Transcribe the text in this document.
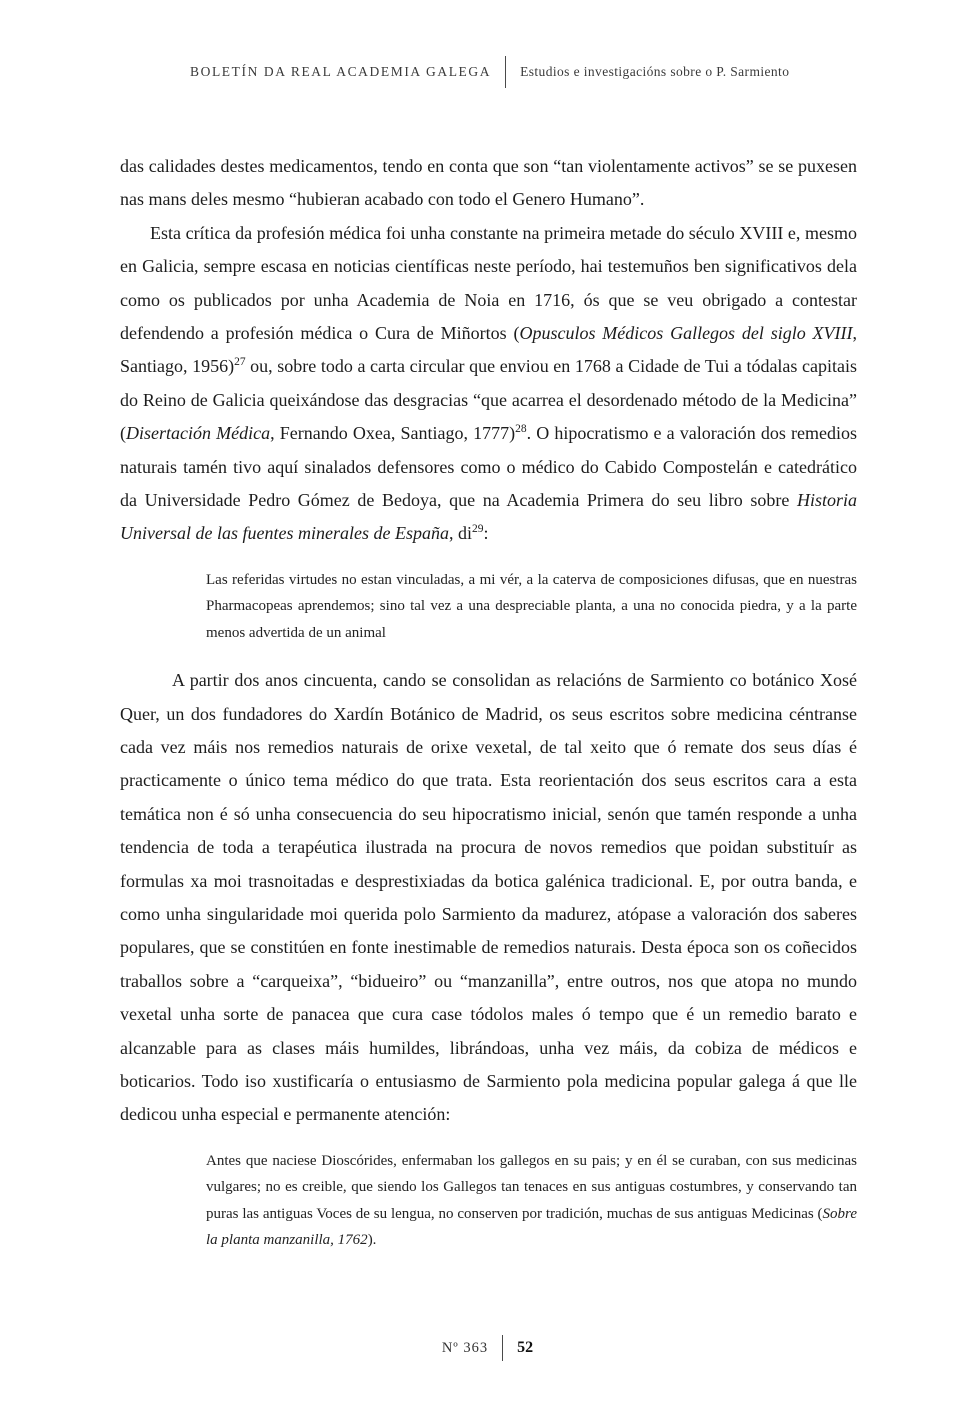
BOLETÍN DA REAL ACADEMIA GALEGA Estudios e investigacións sobre o P. Sarmiento

das calidades destes medicamentos, tendo en conta que son “tan violentamente activos” se se puxesen nas mans deles mesmo “hubieran acabado con todo el Genero Humano”.

Esta crítica da profesión médica foi unha constante na primeira metade do século XVIII e, mesmo en Galicia, sempre escasa en noticias científicas neste período, hai testemuños ben significativos dela como os publicados por unha Academia de Noia en 1716, ós que se veu obrigado a contestar defendendo a profesión médica o Cura de Miñortos (Opusculos Médicos Gallegos del siglo XVIII, Santiago, 1956)$^{27}$ ou, sobre todo a carta circular que enviou en 1768 a Cidade de Tui a tódalas capitais do Reino de Galicia queixándose das desgracias “que acarrea el desordenado método de la Medicina” (Disertación Médica, Fernando Oxea, Santiago, 1777)$^{28}$. O hipocratismo e a valoración dos remedios naturais tamén tivo aquí sinalados defensores como o médico do Cabido Compostelán e catedrático da Universidade Pedro Gómez de Bedoya, que na Academia Primera do seu libro sobre Historia Universal de las fuentes minerales de España, $di^{29}$:

Las referidas virtudes no estan vinculadas, a mi vér, a la caterva de composiciones difusas, que en nuestras Pharmacopeas aprendemos; sino tal vez a una despreciable planta, a una no conocida piedra, y a la parte menos advertida de un animal

A partir dos anos cincuenta, cando se consolidan as relacións de Sarmiento co botánico Xosé Quer, un dos fundadores do Xardín Botánico de Madrid, os seus escritos sobre medicina céntranse cada vez máis nos remedios naturais de orixe vexetal, de tal xeito que ó remate dos seus días é practicamente o único tema médico do que trata. Esta reorientación dos seus escritos cara a esta temática non é só unha consecuencia do seu hipocratismo inicial, senón que tamén responde a unha tendencia de toda a terapéutica ilustrada na procura de novos remedios que poidan substituír as formulas xa moi trasnoitadas e desprestixiadas da botica galénica tradicional. E, por outra banda, e como unha singularidade moi querida polo Sarmiento da madurez, atópase a valoración dos saberes populares, que se constitúen en fonte inestimable de remedios naturais. Desta época son os coñecidos traballos sobre a “carqueixa”, “bidueiro” ou “manzanilla”, entre outros, nos que atopa no mundo vexetal unha sorte de panacea que cura case tódolos males ó tempo que é un remedio barato e alcanzable para as clases máis humildes, librándoas, unha vez máis, da cobiza de médicos e boticarios. Todo iso xustificaría o entusiasmo de Sarmiento pola medicina popular galega á que lle dedicou unha especial e permanente atención:

Antes que naciese Dioscórides, enfermaban los gallegos en su pais; y en él se curaban, con sus medicinas vulgares; no es creible, que siendo los Gallegos tan tenaces en sus antiguas costumbres, y conservando tan puras las antiguas Voces de su lengua, no conserven por tradición, muchas de sus antiguas Medicinas (Sobre la planta manzanilla, 1762).

Nº 363 52
